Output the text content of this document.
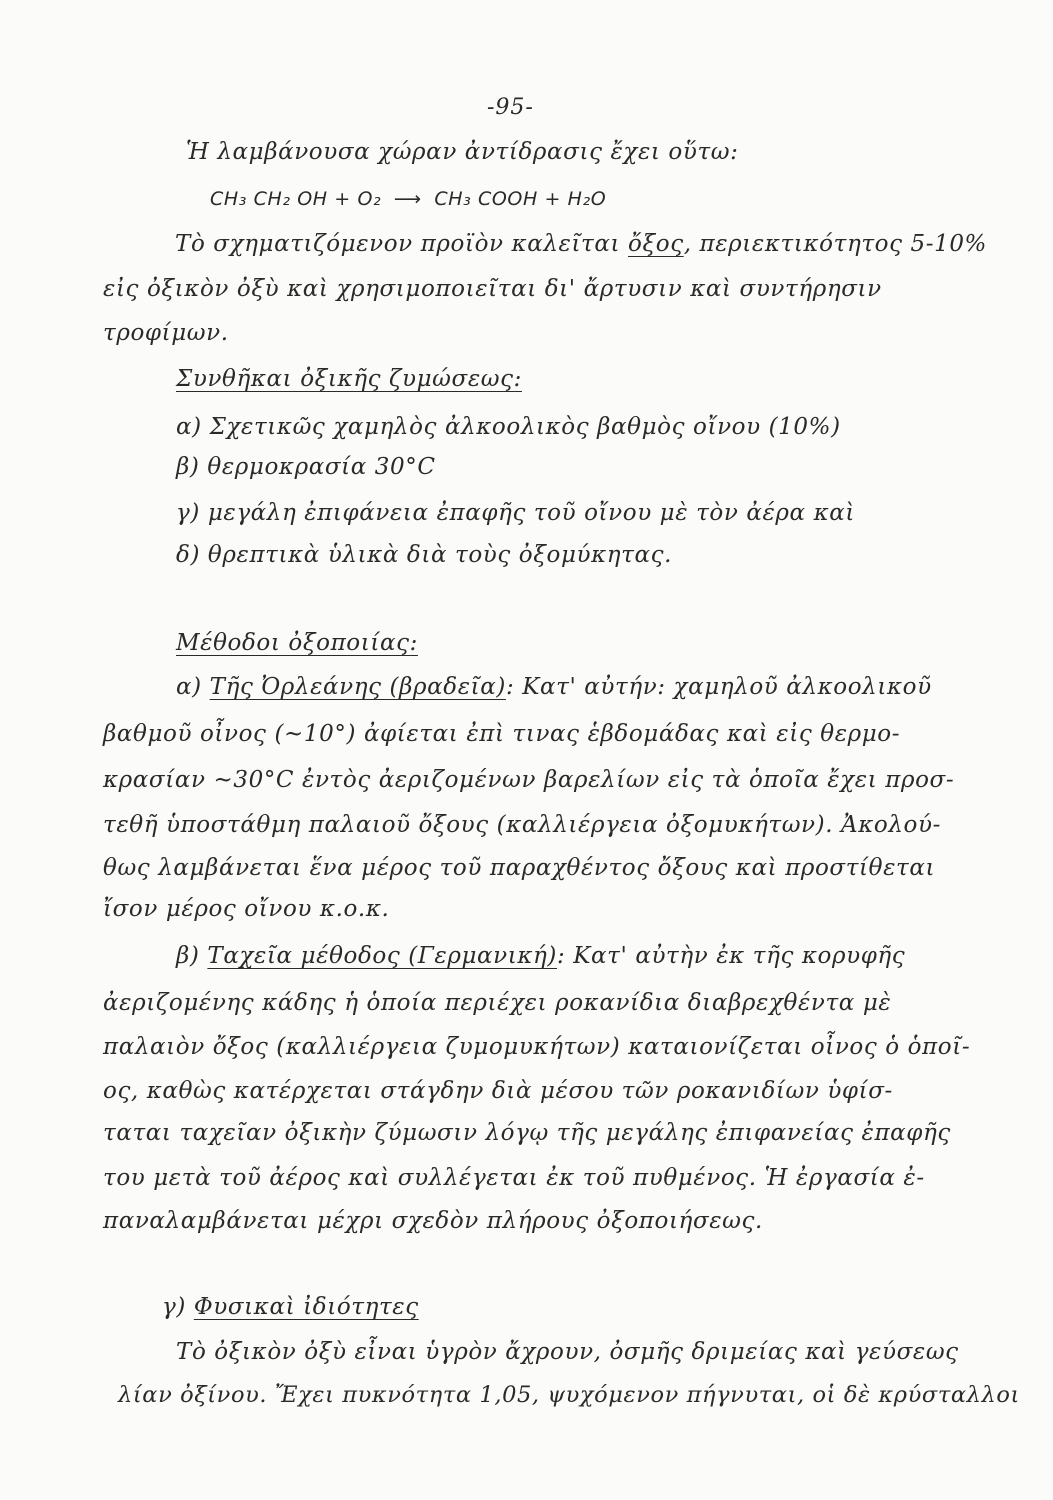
-95-
Ἡ λαμβάνουσα χώραν ἀντίδρασις ἔχει οὕτω:
CH₃ CH₂ OH + O₂ ⟶ CH₃ COOH + H₂O
Τὸ σχηματιζόμενον προϊὸν καλεῖται ὄξος, περιεκτικότητος 5-10%
εἰς ὀξικὸν ὀξὺ καὶ χρησιμοποιεῖται δι' ἄρτυσιν καὶ συντήρησιν
τροφίμων.
Συνθῆκαι ὀξικῆς ζυμώσεως:
α) Σχετικῶς χαμηλὸς ἀλκοολικὸς βαθμὸς οἴνου (10%)
β) θερμοκρασία 30°C
γ) μεγάλη ἐπιφάνεια ἐπαφῆς τοῦ οἴνου μὲ τὸν ἀέρα καὶ
δ) θρεπτικὰ ὑλικὰ διὰ τοὺς ὀξομύκητας.
Μέθοδοι ὀξοποιίας:
α) Τῆς Ὀρλεάνης (βραδεῖα): Κατ' αὐτήν: χαμηλοῦ ἀλκοολικοῦ
βαθμοῦ οἶνος (~10°) ἀφίεται ἐπὶ τινας ἑβδομάδας καὶ εἰς θερμο-
κρασίαν ~30°C ἐντὸς ἀεριζομένων βαρελίων εἰς τὰ ὁποῖα ἔχει προσ-
τεθῆ ὑποστάθμη παλαιοῦ ὄξους (καλλιέργεια ὀξομυκήτων). Ἀκολού-
θως λαμβάνεται ἕνα μέρος τοῦ παραχθέντος ὄξους καὶ προστίθεται
ἴσον μέρος οἴνου κ.ο.κ.
β) Ταχεῖα μέθοδος (Γερμανική): Κατ' αὐτὴν ἐκ τῆς κορυφῆς
ἀεριζομένης κάδης ἡ ὁποία περιέχει ροκανίδια διαβρεχθέντα μὲ
παλαιὸν ὄξος (καλλιέργεια ζυμομυκήτων) καταιονίζεται οἶνος ὁ ὁποῖ-
ος, καθὼς κατέρχεται στάγδην διὰ μέσου τῶν ροκανιδίων ὑφίσ-
ταται ταχεῖαν ὀξικὴν ζύμωσιν λόγῳ τῆς μεγάλης ἐπιφανείας ἐπαφῆς
του μετὰ τοῦ ἀέρος καὶ συλλέγεται ἐκ τοῦ πυθμένος. Ἡ ἐργασία ἐ-
παναλαμβάνεται μέχρι σχεδὸν πλήρους ὀξοποιήσεως.
γ) Φυσικαὶ ἰδιότητες
Τὸ ὀξικὸν ὀξὺ εἶναι ὑγρὸν ἄχρουν, ὀσμῆς δριμείας καὶ γεύσεως
λίαν ὀξίνου. Ἔχει πυκνότητα 1,05, ψυχόμενον πήγνυται, οἱ δὲ κρύσταλλοι
